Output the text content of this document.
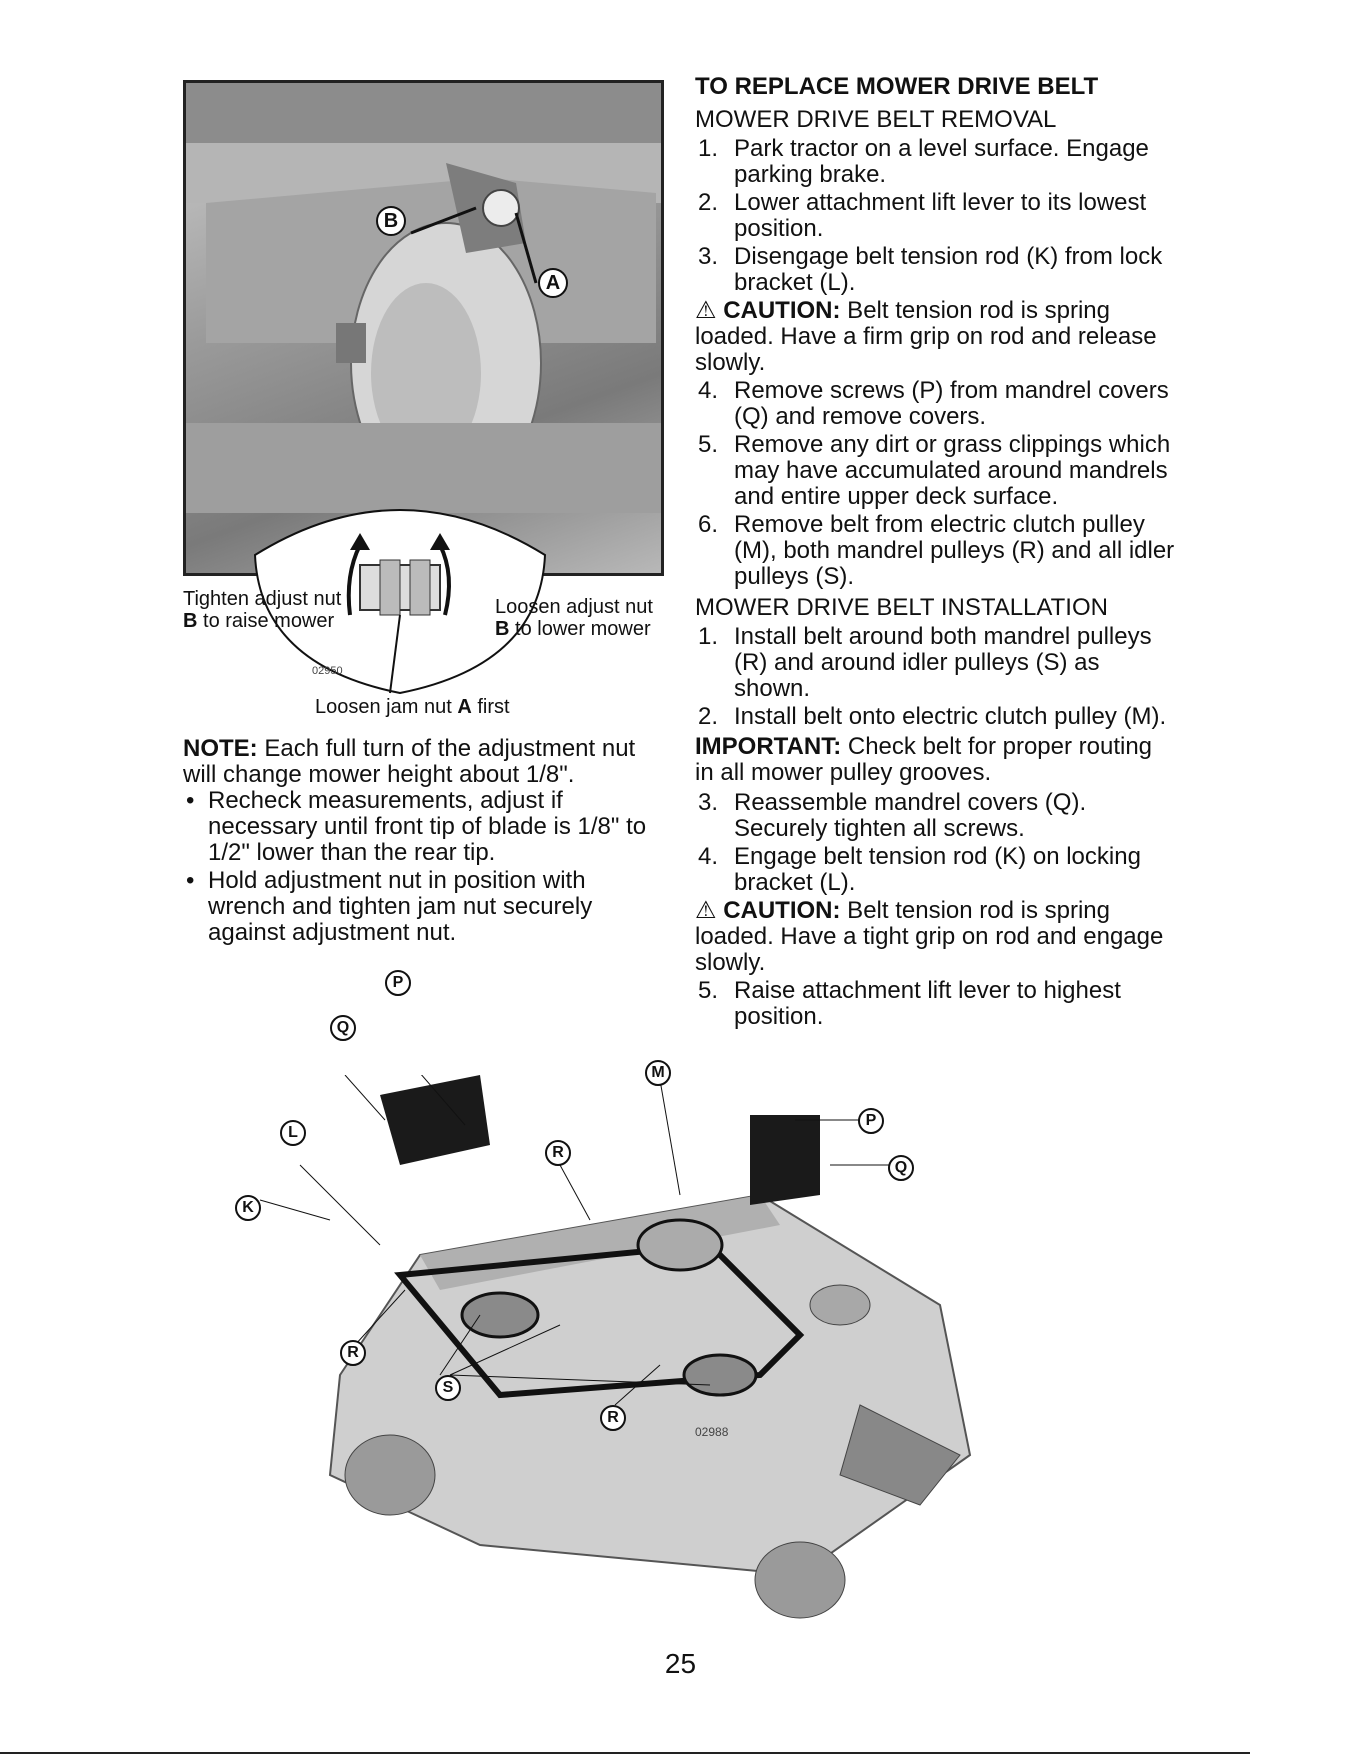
B
A
Tighten adjust nut
B to raise mower
Loosen adjust nut
B to lower mower
02950
Loosen jam nut A first
NOTE: Each full turn of the adjustment nut will change mower height about 1/8".
• Recheck measurements, adjust if necessary until front tip of blade is 1/8" to 1/2" lower than the rear tip.
• Hold adjustment nut in position with wrench and tighten jam nut securely against adjustment nut.
TO REPLACE MOWER DRIVE BELT
MOWER DRIVE BELT REMOVAL
1. Park tractor on a level surface. Engage parking brake.
2. Lower attachment lift lever to its lowest position.
3. Disengage belt tension rod (K) from lock bracket (L).
⚠ CAUTION: Belt tension rod is spring loaded. Have a firm grip on rod and release slowly.
4. Remove screws (P) from mandrel covers (Q) and remove covers.
5. Remove any dirt or grass clippings which may have accumulated around mandrels and entire upper deck surface.
6. Remove belt from electric clutch pulley (M), both mandrel pulleys (R) and all idler pulleys (S).
MOWER DRIVE BELT INSTALLATION
1. Install belt around both mandrel pulleys (R) and around idler pulleys (S) as shown.
2. Install belt onto electric clutch pulley (M).
IMPORTANT: Check belt for proper routing in all mower pulley grooves.
3. Reassemble mandrel covers (Q). Securely tighten all screws.
4. Engage belt tension rod (K) on locking bracket (L).
⚠ CAUTION: Belt tension rod is spring loaded. Have a tight grip on rod and engage slowly.
5. Raise attachment lift lever to highest position.
P
Q
L
K
R
M
P
Q
R
S
R
02988
25
